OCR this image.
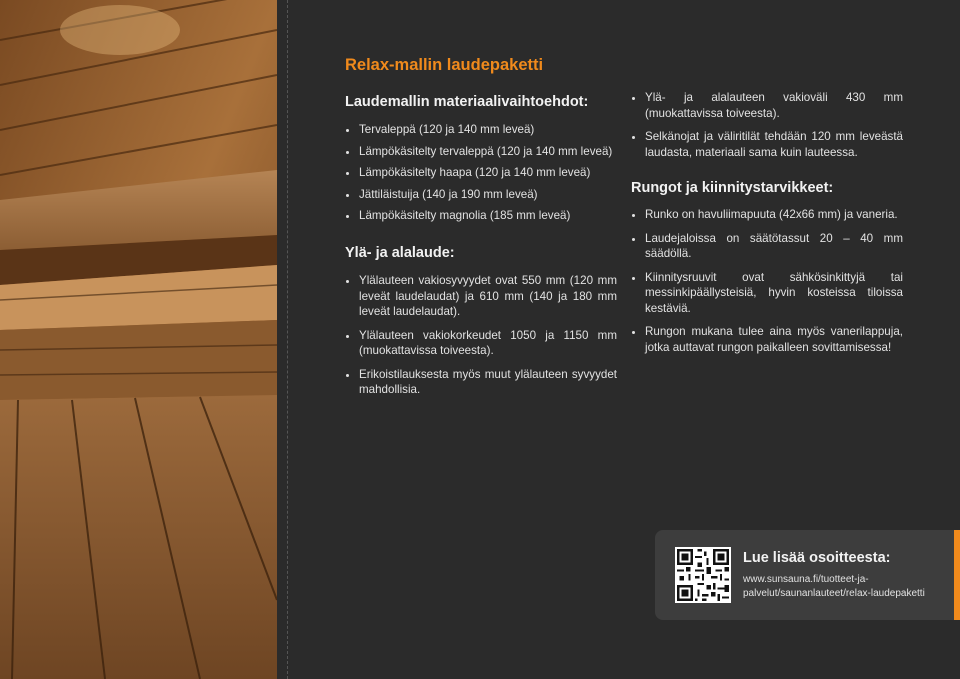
Relax-mallin laudepaketti
Laudemallin materiaalivaihtoehdot:
Tervaleppä (120 ja 140 mm leveä)
Lämpökäsitelty tervaleppä (120 ja 140 mm leveä)
Lämpökäsitelty haapa (120 ja 140 mm leveä)
Jättiläistuija (140 ja 190 mm leveä)
Lämpökäsitelty magnolia (185 mm leveä)
Ylä- ja alalaude:
Ylälauteen vakiosyvyydet ovat 550 mm (120 mm leveät laudelaudat) ja 610 mm (140 ja 180 mm leveät laudelaudat).
Ylälauteen vakiokorkeudet 1050 ja 1150 mm (muokattavissa toiveesta).
Erikoistilauksesta myös muut ylälauteen syvyydet mahdollisia.
Ylä- ja alalauteen vakioväli 430 mm (muokattavissa toiveesta).
Selkänojat ja väliritilät tehdään 120 mm leveästä laudasta, materiaali sama kuin lauteessa.
Rungot ja kiinnitystarvikkeet:
Runko on havuliimapuuta (42x66 mm) ja vaneria.
Laudejaloissa on säätötassut 20 – 40 mm säädöllä.
Kiinnitysruuvit ovat sähkösinkittyjä tai messinkipäällysteisiä, hyvin kosteissa tiloissa kestäviä.
Rungon mukana tulee aina myös vanerilappuja, jotka auttavat rungon paikalleen sovittamisessa!
Lue lisää osoitteesta:
www.sunsauna.fi/tuotteet-ja-palvelut/saunanlauteet/relax-laudepaketti
